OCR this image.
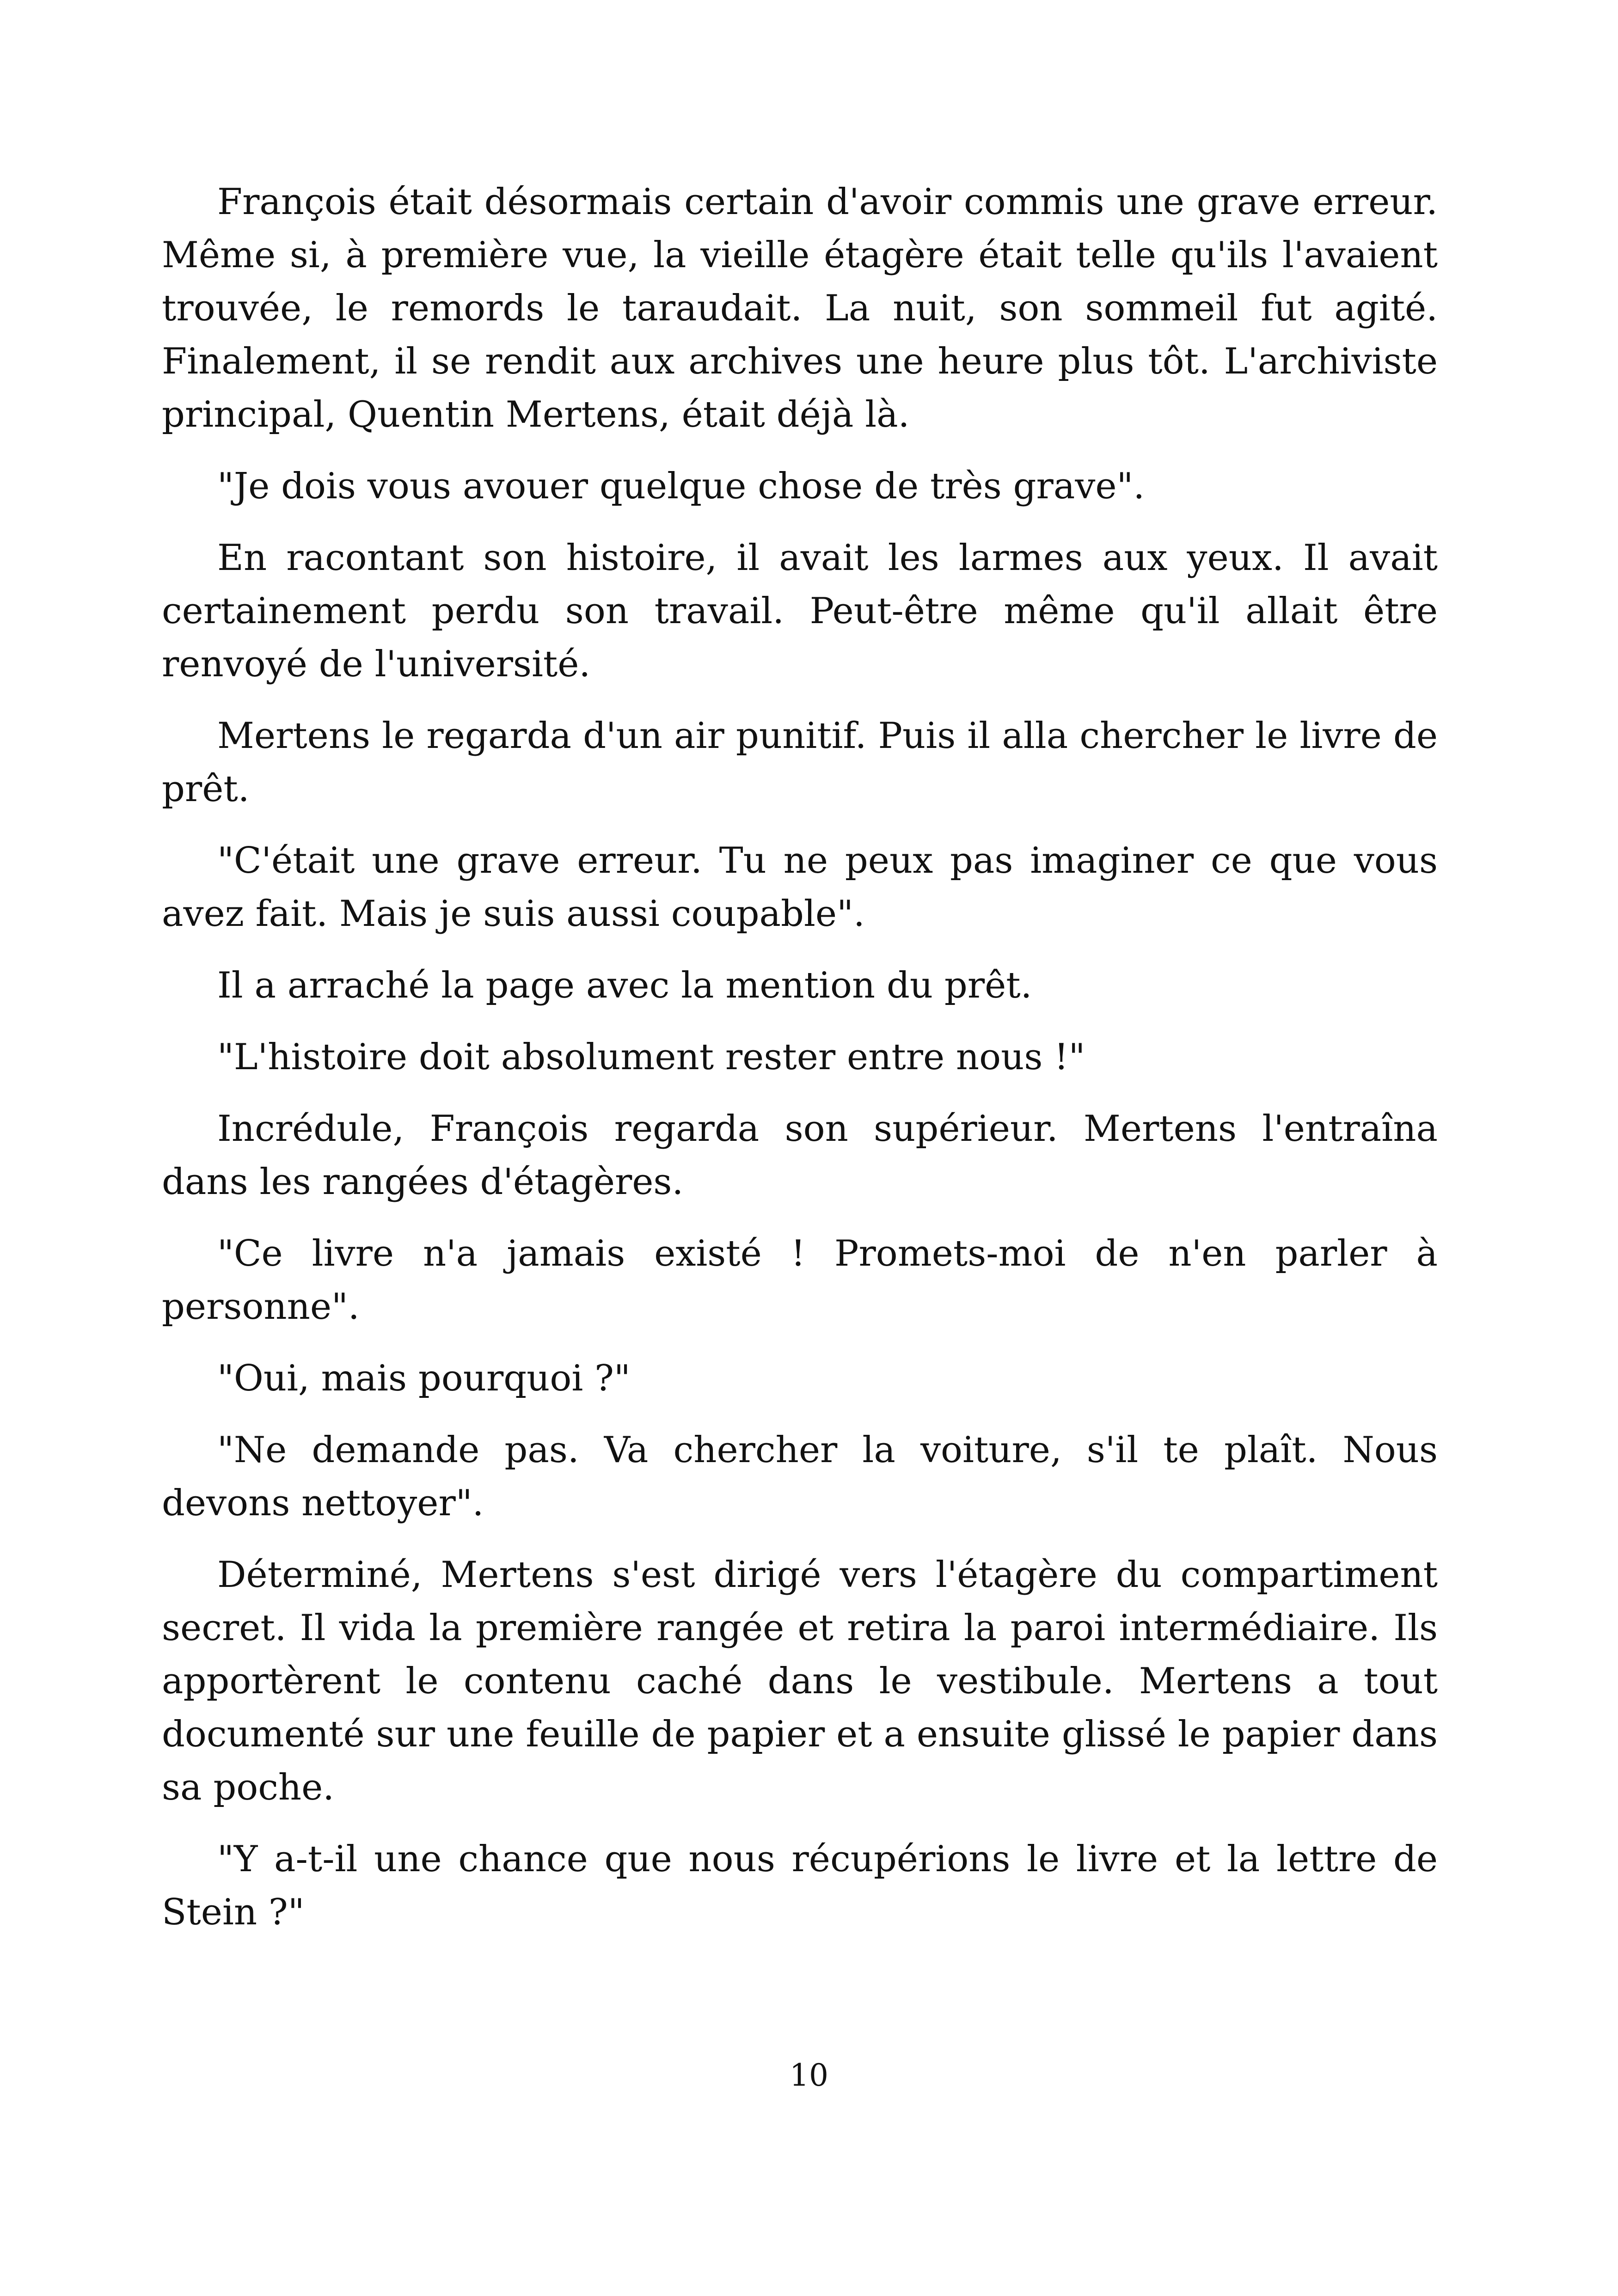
François était désormais certain d'avoir commis une grave erreur. Même si, à première vue, la vieille étagère était telle qu'ils l'avaient trouvée, le remords le taraudait. La nuit, son sommeil fut agité. Finalement, il se rendit aux archives une heure plus tôt. L'archiviste principal, Quentin Mertens, était déjà là.

"Je dois vous avouer quelque chose de très grave".

En racontant son histoire, il avait les larmes aux yeux. Il avait certainement perdu son travail. Peut-être même qu'il allait être renvoyé de l'université.

Mertens le regarda d'un air punitif. Puis il alla chercher le livre de prêt.

"C'était une grave erreur. Tu ne peux pas imaginer ce que vous avez fait. Mais je suis aussi coupable".

Il a arraché la page avec la mention du prêt.

"L'histoire doit absolument rester entre nous !"

Incrédule, François regarda son supérieur. Mertens l'entraîna dans les rangées d'étagères.

"Ce livre n'a jamais existé ! Promets-moi de n'en parler à personne".

"Oui, mais pourquoi ?"

"Ne demande pas. Va chercher la voiture, s'il te plaît. Nous devons nettoyer".

Déterminé, Mertens s'est dirigé vers l'étagère du compartiment secret. Il vida la première rangée et retira la paroi intermédiaire. Ils apportèrent le contenu caché dans le vestibule. Mertens a tout documenté sur une feuille de papier et a ensuite glissé le papier dans sa poche.

"Y a-t-il une chance que nous récupérions le livre et la lettre de Stein ?"

10
